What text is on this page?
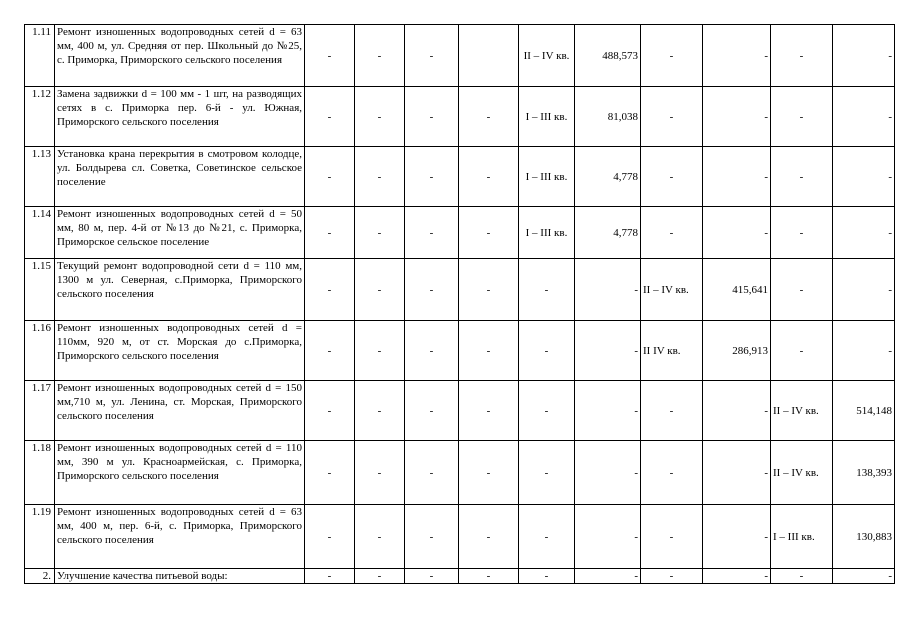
1.11	Ремонт изношенных водопроводных сетей d = 63 мм, 400 м, ул. Средняя от пер. Школьный до №25, с. Приморка, Приморского сельского поселения	-	-	-		II – IV кв.	488,573	-	-	-	-
1.12	Замена задвижки d = 100 мм - 1 шт, на разводящих сетях в с. Приморка пер. 6-й - ул. Южная, Приморского сельского поселения	-	-	-	-	I – III кв.	81,038	-	-	-	-
1.13	Установка крана перекрытия в смотровом колодце, ул. Болдырева сл. Советка, Советинское сельское поселение	-	-	-	-	I – III кв.	4,778	-	-	-	-
1.14	Ремонт изношенных водопроводных сетей d = 50 мм, 80 м, пер. 4-й от №13 до №21, с. Приморка, Приморское сельское поселение	-	-	-	-	I – III кв.	4,778	-	-	-	-
1.15	Текущий ремонт водопроводной сети d = 110 мм, 1300 м ул. Северная, с.Приморка, Приморского сельского поселения	-	-	-	-	-	-	II – IV кв.	415,641	-	-
1.16	Ремонт изношенных водопроводных сетей d = 110мм, 920 м, от ст. Морская до с.Приморка, Приморского сельского поселения	-	-	-	-	-	-	II IV кв.	286,913	-	-
1.17	Ремонт изношенных водопроводных сетей d = 150 мм,710 м, ул. Ленина, ст. Морская, Приморского сельского поселения	-	-	-	-	-	-	-	-	II – IV кв.	514,148
1.18	Ремонт изношенных водопроводных сетей d = 110 мм, 390 м ул. Красноармейская, с. Приморка, Приморского сельского поселения	-	-	-	-	-	-	-	-	II – IV кв.	138,393
1.19	Ремонт изношенных водопроводных сетей d = 63 мм, 400 м, пер. 6-й, с. Приморка, Приморского сельского поселения	-	-	-	-	-	-	-	-	I – III кв.	130,883
2.	Улучшение качества питьевой воды:	-	-	-	-	-	-	-	-	-	-
